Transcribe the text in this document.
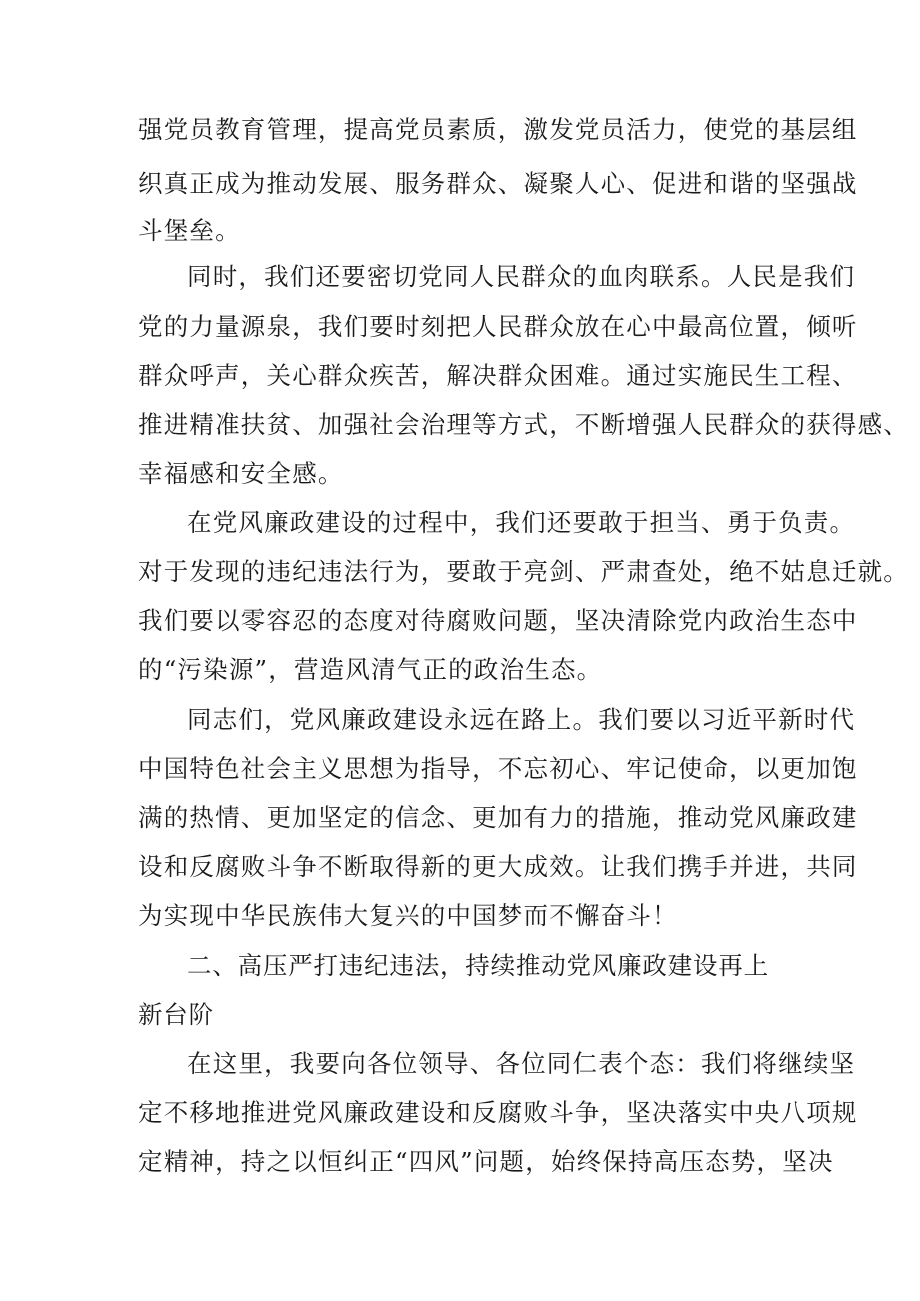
强党员教育管理，提高党员素质，激发党员活力，使党的基层组
织真正成为推动发展、服务群众、凝聚人心、促进和谐的坚强战
斗堡垒。
同时，我们还要密切党同人民群众的血肉联系。人民是我们
党的力量源泉，我们要时刻把人民群众放在心中最高位置，倾听
群众呼声，关心群众疾苦，解决群众困难。通过实施民生工程、
推进精准扶贫、加强社会治理等方式，不断增强人民群众的获得感、
幸福感和安全感。
在党风廉政建设的过程中，我们还要敢于担当、勇于负责。
对于发现的违纪违法行为，要敢于亮剑、严肃查处，绝不姑息迁就。
我们要以零容忍的态度对待腐败问题，坚决清除党内政治生态中
的“污染源”，营造风清气正的政治生态。
同志们，党风廉政建设永远在路上。我们要以习近平新时代
中国特色社会主义思想为指导，不忘初心、牢记使命，以更加饱
满的热情、更加坚定的信念、更加有力的措施，推动党风廉政建
设和反腐败斗争不断取得新的更大成效。让我们携手并进，共同
为实现中华民族伟大复兴的中国梦而不懈奋斗！
二、高压严打违纪违法，持续推动党风廉政建设再上
新台阶
在这里，我要向各位领导、各位同仁表个态：我们将继续坚
定不移地推进党风廉政建设和反腐败斗争，坚决落实中央八项规
定精神，持之以恒纠正“四风”问题，始终保持高压态势，坚决
